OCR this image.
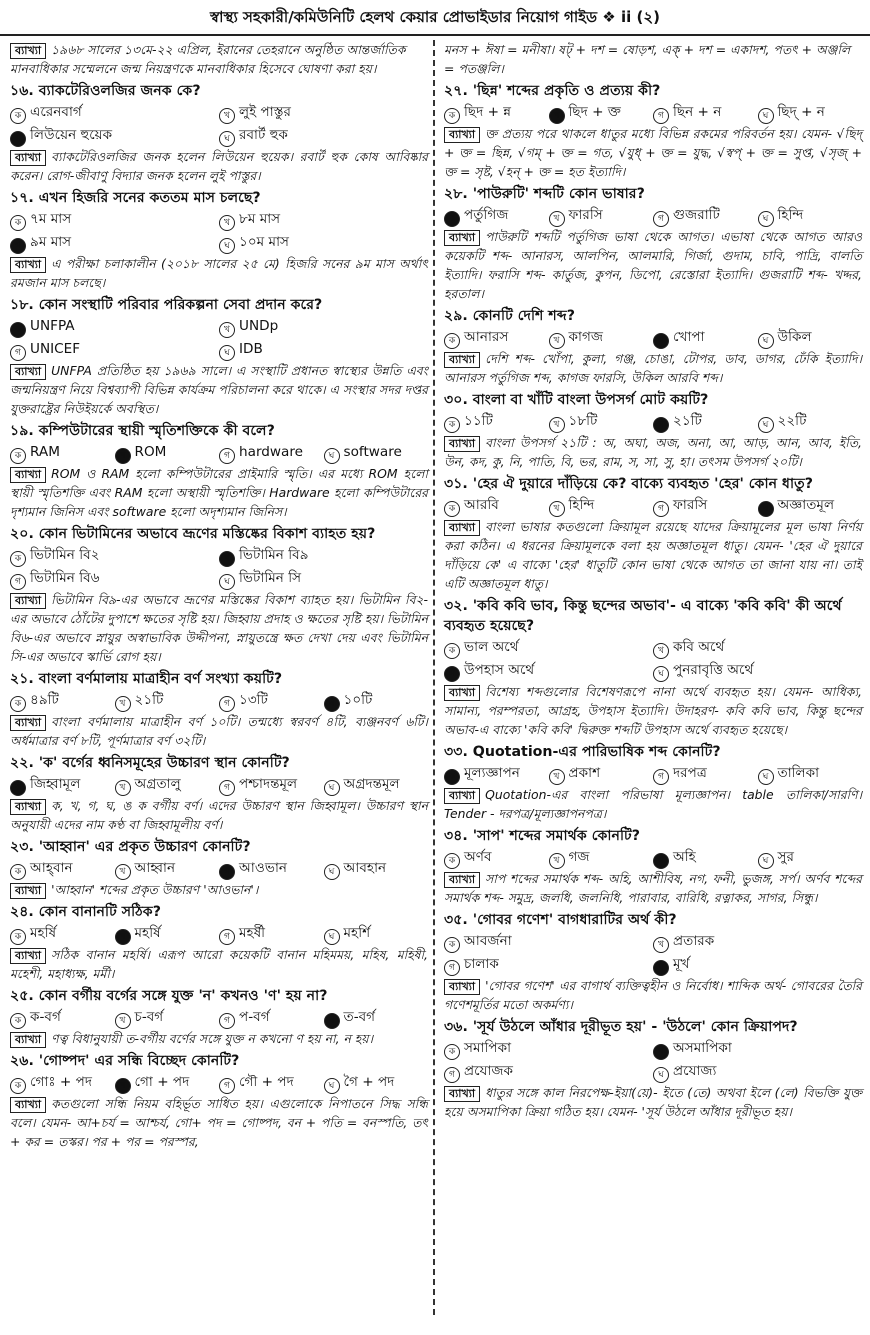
স্বাস্থ্য সহকারী/কমিউনিটি হেলথ কেয়ার প্রোভাইডার নিয়োগ গাইড ❖ ii (২)
ব্যাখ্যা ১৯৬৮ সালের ১৩মে-২২ এপ্রিল, ইরানের তেহরানে অনুষ্ঠিত আন্তর্জাতিক মানবাধিকার সম্মেলনে জন্ম নিয়ন্ত্রণকে মানবাধিকার হিসেবে ঘোষণা করা হয়।
১৬. ব্যাকটেরিওলজির জনক কে?
ক এরেনবার্গ	খ লুই পাস্তুর
গ লিউয়েন হুয়েক	ঘ রবার্ট হুক
ব্যাখ্যা ব্যাকটেরিওলজির জনক হলেন লিউয়েন হুয়েক। রবার্ট হুক কোষ আবিষ্কার করেন। রোগ-জীবাণু বিদ্যার জনক হলেন লুই পাস্তুর।
১৭. এখন হিজরি সনের কততম মাস চলছে?
ক ৭ম মাস	খ ৮ম মাস
গ ৯ম মাস	ঘ ১০ম মাস
ব্যাখ্যা এ পরীক্ষা চলাকালীন (২০১৮ সালের ২৫ মে) হিজরি সনের ৯ম মাস অর্থাৎ রমজান মাস চলছে।
১৮. কোন সংস্থাটি পরিবার পরিকল্পনা সেবা প্রদান করে?
ক UNFPA	খ UNDp
গ UNICEF	ঘ IDB
ব্যাখ্যা UNFPA প্রতিষ্ঠিত হয় ১৯৬৯ সালে। এ সংস্থাটি প্রধানত স্বাস্থ্যের উন্নতি এবং জন্মনিয়ন্ত্রণ নিয়ে বিশ্বব্যাপী বিভিন্ন কার্যক্রম পরিচালনা করে থাকে। এ সংস্থার সদর দপ্তর যুক্তরাষ্ট্রের নিউইয়র্কে অবস্থিত।
১৯. কম্পিউটারের স্থায়ী স্মৃতিশক্তিকে কী বলে?
ক RAM	খ ROM	গ hardware	ঘ software
ব্যাখ্যা ROM ও RAM হলো কম্পিউটারের প্রাইমারি স্মৃতি। এর মধ্যে ROM হলো স্থায়ী স্মৃতিশক্তি এবং RAM হলো অস্থায়ী স্মৃতিশক্তি। Hardware হলো কম্পিউটারের দৃশ্যমান জিনিস এবং software হলো অদৃশ্যমান জিনিস।
২০. কোন ভিটামিনের অভাবে ভ্রূণের মস্তিষ্কের বিকাশ ব্যাহত হয়?
ক ভিটামিন বি২	খ ভিটামিন বি৯
গ ভিটামিন বি৬	ঘ ভিটামিন সি
ব্যাখ্যা ভিটামিন বি৯-এর অভাবে ভ্রূণের মস্তিষ্কের বিকাশ ব্যাহত হয়। ভিটামিন বি২-এর অভাবে ঠোঁটের দুপাশে ক্ষতের সৃষ্টি হয়। জিহ্বায় প্রদাহ ও ক্ষতের সৃষ্টি হয়। ভিটামিন বি৬-এর অভাবে স্নায়ুর অস্বাভাবিক উদ্দীপনা, স্নায়ুতন্ত্রে ক্ষত দেখা দেয় এবং ভিটামিন সি-এর অভাবে স্কার্ভি রোগ হয়।
২১. বাংলা বর্ণমালায় মাত্রাহীন বর্ণ সংখ্যা কয়টি?
ক ৪৯টি	খ ২১টি	গ ১৩টি	ঘ ১০টি
ব্যাখ্যা বাংলা বর্ণমালায় মাত্রাহীন বর্ণ ১০টি। তন্মধ্যে স্বরবর্ণ ৪টি, ব্যঞ্জনবর্ণ ৬টি। অর্ধমাত্রার বর্ণ ৮টি, পূর্ণমাত্রার বর্ণ ৩২টি।
২২. 'ক' বর্গের ধ্বনিসমূহের উচ্চারণ স্থান কোনটি?
ক জিহ্বামূল	খ অগ্রতালু	গ পশ্চাদন্তমূল	ঘ অগ্রদন্তমূল
ব্যাখ্যা ক, খ, গ, ঘ, ঙ ক বর্গীয় বর্ণ। এদের উচ্চারণ স্থান জিহ্বামূল। উচ্চারণ স্থান অনুযায়ী এদের নাম কণ্ঠ বা জিহ্বামূলীয় বর্ণ।
২৩. 'আহ্বান' এর প্রকৃত উচ্চারণ কোনটি?
ক আহ্‌বান	খ আহ্বান	গ আওভান	ঘ আবহান
ব্যাখ্যা 'আহ্বান' শব্দের প্রকৃত উচ্চারণ 'আওভান'।
২৪. কোন বানানটি সঠিক?
ক মহর্ষি	খ মহর্ষি	গ মহর্ষী	ঘ মহর্শি
ব্যাখ্যা সঠিক বানান মহর্ষি। এরূপ আরো কয়েকটি বানান মহিমময়, মহিষ, মহিষী, মহেশী, মহাধ্যক্ষ, মর্মী।
২৫. কোন বর্গীয় বর্গের সঙ্গে যুক্ত 'ন' কখনও 'ণ' হয় না?
ক ক-বর্গ	খ চ-বর্গ	গ প-বর্গ	ঘ ত-বর্গ
ব্যাখ্যা ণত্ব বিধানুযায়ী ত-বর্গীয় বর্ণের সঙ্গে যুক্ত ন কখনো ণ হয় না, ন হয়।
২৬. 'গোষ্পদ' এর সন্ধি বিচ্ছেদ কোনটি?
ক গোঃ + পদ	খ গো + পদ	গ গৌ + পদ	ঘ গৈ + পদ
ব্যাখ্যা কতগুলো সন্ধি নিয়ম বহির্ভূত সাধিত হয়। এগুলোকে নিপাতনে সিদ্ধ সন্ধি বলে। যেমন- আ+চর্য = আশ্চর্য, গো+ পদ = গোষ্পদ, বন + পতি = বনস্পতি, তৎ + কর = তস্কর। পর + পর = পরস্পর,
মনস + ঈষা = মনীষা। ষট্‌ + দশ = ষোড়শ, এক্‌ + দশ = একাদশ, পতৎ + অঞ্জলি = পতঞ্জলি।
২৭. 'ছিন্ন' শব্দের প্রকৃতি ও প্রত্যয় কী?
ক ছিদ + ন্ন	খ ছিদ + ক্ত	গ ছিন + ন	ঘ ছিদ্‌ + ন
ব্যাখ্যা ক্ত প্রত্যয় পরে থাকলে ধাতুর মধ্যে বিভিন্ন রকমের পরিবর্তন হয়। যেমন- √ছিদ্‌ + ক্ত = ছিন্ন, √গম্‌ + ক্ত = গত, √যুধ্‌ + ক্ত = যুদ্ধ, √স্বপ্‌ + ক্ত = সুপ্ত, √সৃজ্‌ + ক্ত = সৃষ্ট, √হন্‌ + ক্ত = হত ইত্যাদি।
২৮. 'পাউরুটি' শব্দটি কোন ভাষার?
ক পর্তুগিজ	খ ফারসি	গ গুজরাটি	ঘ হিন্দি
ব্যাখ্যা পাউরুটি শব্দটি পর্তুগিজ ভাষা থেকে আগত। এভাষা থেকে আগত আরও কয়েকটি শব্দ- আনারস, আলপিন, আলমারি, গির্জা, গুদাম, চাবি, পাদ্রি, বালতি ইত্যাদি। ফরাসি শব্দ- কার্তুজ, কুপন, ডিপো, রেস্তোরা ইত্যাদি। গুজরাটি শব্দ- খদ্দর, হরতাল।
২৯. কোনটি দেশি শব্দ?
ক আনারস	খ কাগজ	গ খোপা	ঘ উকিল
ব্যাখ্যা দেশি শব্দ- খোঁপা, কুলা, গঞ্জ, চোঙা, টোপর, ডাব, ডাগর, ঢেঁকি ইত্যাদি। আনারস পর্তুগিজ শব্দ, কাগজ ফারসি, উকিল আরবি শব্দ।
৩০. বাংলা বা খাঁটি বাংলা উপসর্গ মোট কয়টি?
ক ১১টি	খ ১৮টি	গ ২১টি	ঘ ২২টি
ব্যাখ্যা বাংলা উপসর্গ ২১টি : অ, অঘা, অজ, অনা, আ, আড়, আন, আব, ইতি, উন, কদ, কু, নি, পাতি, বি, ভর, রাম, স, সা, সু, হা। তৎসম উপসর্গ ২০টি।
৩১. 'হের ঐ দুয়ারে দাঁড়িয়ে কে? বাক্যে ব্যবহৃত 'হের' কোন ধাতু?
ক আরবি	খ হিন্দি	গ ফারসি	ঘ অজ্ঞাতমূল
ব্যাখ্যা বাংলা ভাষার কতগুলো ক্রিয়ামূল রয়েছে যাদের ক্রিয়ামূলের মূল ভাষা নির্ণয় করা কঠিন। এ ধরনের ক্রিয়ামূলকে বলা হয় অজ্ঞাতমূল ধাতু। যেমন- 'হের ঐ দুয়ারে দাঁড়িয়ে কে' এ বাক্যে 'হের' ধাতুটি কোন ভাষা থেকে আগত তা জানা যায় না। তাই এটি অজ্ঞাতমূল ধাতু।
৩২. 'কবি কবি ভাব, কিন্তু ছন্দের অভাব'- এ বাক্যে 'কবি কবি' কী অর্থে ব্যবহৃত হয়েছে?
ক ভাল অর্থে	খ কবি অর্থে
গ উপহাস অর্থে	ঘ পুনরাবৃত্তি অর্থে
ব্যাখ্যা বিশেষ্য শব্দগুলোর বিশেষণরূপে নানা অর্থে ব্যবহৃত হয়। যেমন- আধিক্য, সামান্য, পরম্পরতা, আগ্রহ, উপহাস ইত্যাদি। উদাহরণ- কবি কবি ভাব, কিন্তু ছন্দের অভাব-এ বাক্যে 'কবি কবি' দ্বিরুক্ত শব্দটি উপহাস অর্থে ব্যবহৃত হয়েছে।
৩৩. Quotation-এর পারিভাষিক শব্দ কোনটি?
ক মূল্যজ্ঞাপন	খ প্রকাশ	গ দরপত্র	ঘ তালিকা
ব্যাখ্যা Quotation-এর বাংলা পরিভাষা মূল্যজ্ঞাপন। table তালিকা/সারণি। Tender - দরপত্র/মূল্যজ্ঞাপনপত্র।
৩৪. 'সাপ' শব্দের সমার্থক কোনটি?
ক অর্ণব	খ গজ	গ অহি	ঘ সুর
ব্যাখ্যা সাপ শব্দের সমার্থক শব্দ- অহি, আশীবিষ, নগ, ফনী, ভুজঙ্গ, সর্প। অর্ণব শব্দের সমার্থক শব্দ- সমুদ্র, জলধি, জলনিধি, পারাবার, বারিধি, রত্নাকর, সাগর, সিন্ধু।
৩৫. 'গোবর গণেশ' বাগধারাটির অর্থ কী?
ক আবর্জনা	খ প্রতারক
গ চালাক	ঘ মূর্খ
ব্যাখ্যা 'গোবর গণেশ' এর বাগার্থ ব্যক্তিত্বহীন ও নির্বোধ। শাব্দিক অর্থ- গোবরের তৈরি গণেশমূর্তির মতো অকর্মণ্য।
৩৬. 'সূর্য উঠলে আঁধার দূরীভূত হয়' - 'উঠলে' কোন ক্রিয়াপদ?
ক সমাপিকা	খ অসমাপিকা
গ প্রযোজক	ঘ প্রযোজ্য
ব্যাখ্যা ধাতুর সঙ্গে কাল নিরপেক্ষ-ইয়া(য়ে)- ইতে (তে) অথবা ইলে (লে) বিভক্তি যুক্ত হয়ে অসমাপিকা ক্রিয়া গঠিত হয়। যেমন- 'সূর্য উঠলে আঁধার দূরীভূত হয়।
